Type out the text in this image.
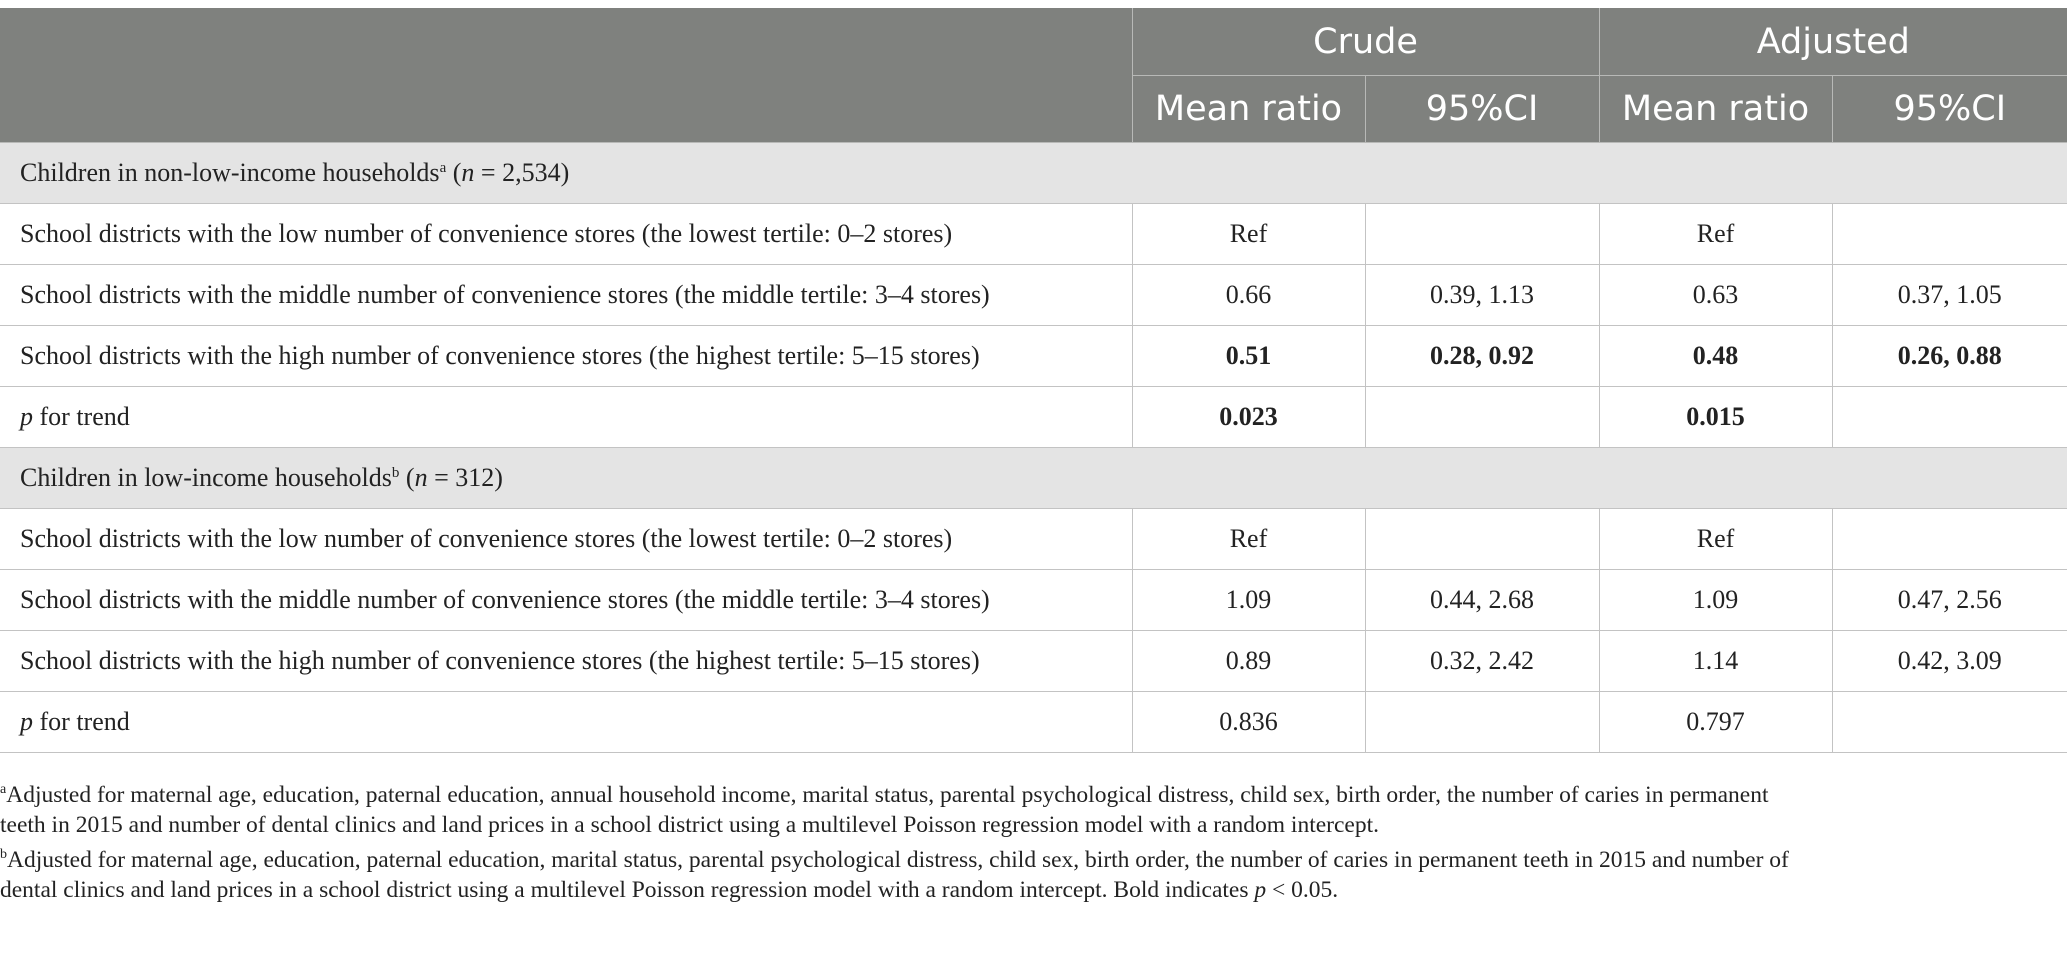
	Crude		Adjusted	
	Mean ratio	95%CI	Mean ratio	95%CI
Children in non-low-income households$^a$ (n = 2,534)				
School districts with the low number of convenience stores (the lowest tertile: 0–2 stores)	Ref		Ref	
School districts with the middle number of convenience stores (the middle tertile: 3–4 stores)	0.66	0.39, 1.13	0.63	0.37, 1.05
School districts with the high number of convenience stores (the highest tertile: 5–15 stores)	0.51	0.28, 0.92	0.48	0.26, 0.88
p for trend	0.023		0.015	
Children in low-income households$^b$ (n = 312)				
School districts with the low number of convenience stores (the lowest tertile: 0–2 stores)	Ref		Ref	
School districts with the middle number of convenience stores (the middle tertile: 3–4 stores)	1.09	0.44, 2.68	1.09	0.47, 2.56
School districts with the high number of convenience stores (the highest tertile: 5–15 stores)	0.89	0.32, 2.42	1.14	0.42, 3.09
p for trend	0.836		0.797	

$^a$Adjusted for maternal age, education, paternal education, annual household income, marital status, parental psychological distress, child sex, birth order, the number of caries in permanent
teeth in 2015 and number of dental clinics and land prices in a school district using a multilevel Poisson regression model with a random intercept.

$^b$Adjusted for maternal age, education, paternal education, marital status, parental psychological distress, child sex, birth order, the number of caries in permanent teeth in 2015 and number of
dental clinics and land prices in a school district using a multilevel Poisson regression model with a random intercept. Bold indicates p < 0.05.
